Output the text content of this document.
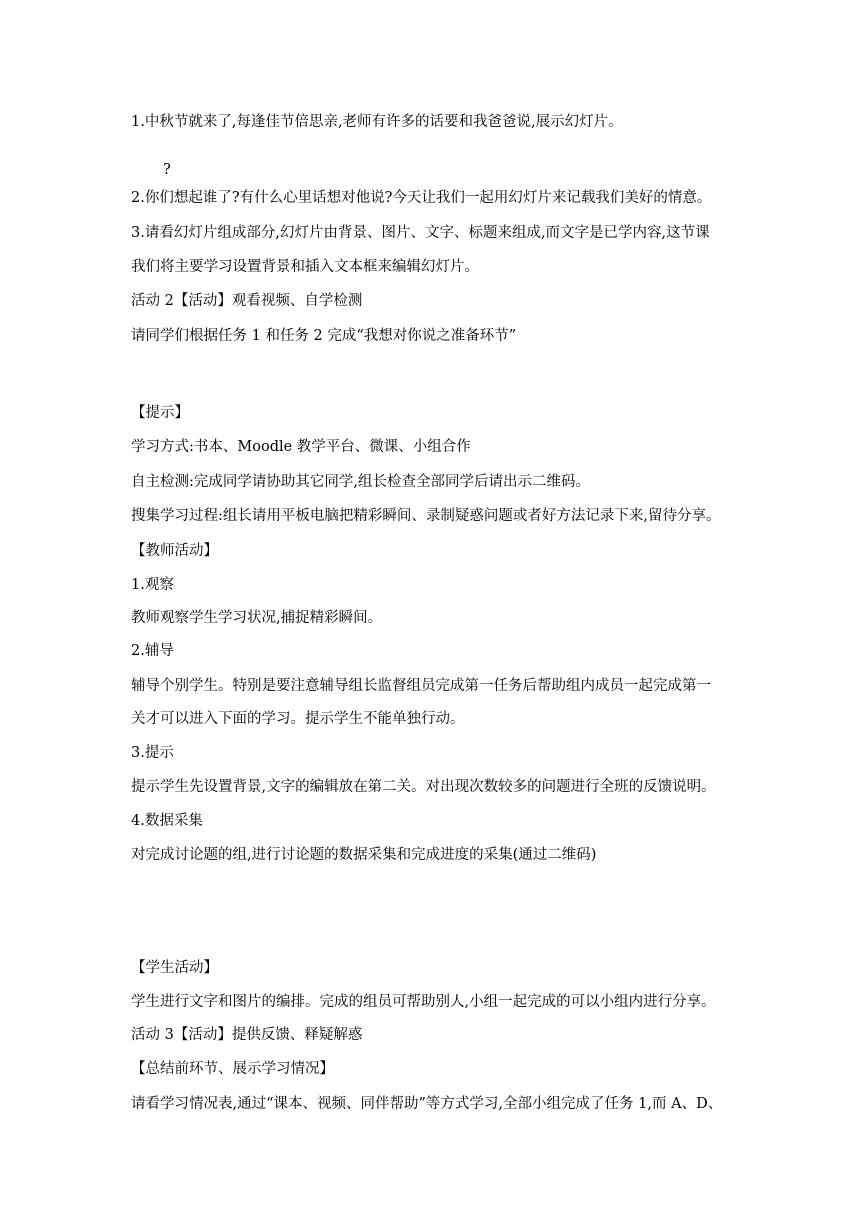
1.中秋节就来了,每逢佳节倍思亲,老师有许多的话要和我爸爸说,展示幻灯片。
?
2.你们想起谁了?有什么心里话想对他说?今天让我们一起用幻灯片来记载我们美好的情意。
3.请看幻灯片组成部分,幻灯片由背景、图片、文字、标题来组成,而文字是已学内容,这节课
我们将主要学习设置背景和插入文本框来编辑幻灯片。
活动 2【活动】观看视频、自学检测
请同学们根据任务 1 和任务 2 完成“我想对你说之准备环节”
【提示】
学习方式:书本、Moodle 教学平台、微课、小组合作
自主检测:完成同学请协助其它同学,组长检查全部同学后请出示二维码。
搜集学习过程:组长请用平板电脑把精彩瞬间、录制疑惑问题或者好方法记录下来,留待分享。
【教师活动】
1.观察
教师观察学生学习状况,捕捉精彩瞬间。
2.辅导
辅导个别学生。特别是要注意辅导组长监督组员完成第一任务后帮助组内成员一起完成第一
关才可以进入下面的学习。提示学生不能单独行动。
3.提示
提示学生先设置背景,文字的编辑放在第二关。对出现次数较多的问题进行全班的反馈说明。
4.数据采集
对完成讨论题的组,进行讨论题的数据采集和完成进度的采集(通过二维码)
【学生活动】
学生进行文字和图片的编排。完成的组员可帮助别人,小组一起完成的可以小组内进行分享。
活动 3【活动】提供反馈、释疑解惑
【总结前环节、展示学习情况】
请看学习情况表,通过“课本、视频、同伴帮助”等方式学习,全部小组完成了任务 1,而 A、D、
